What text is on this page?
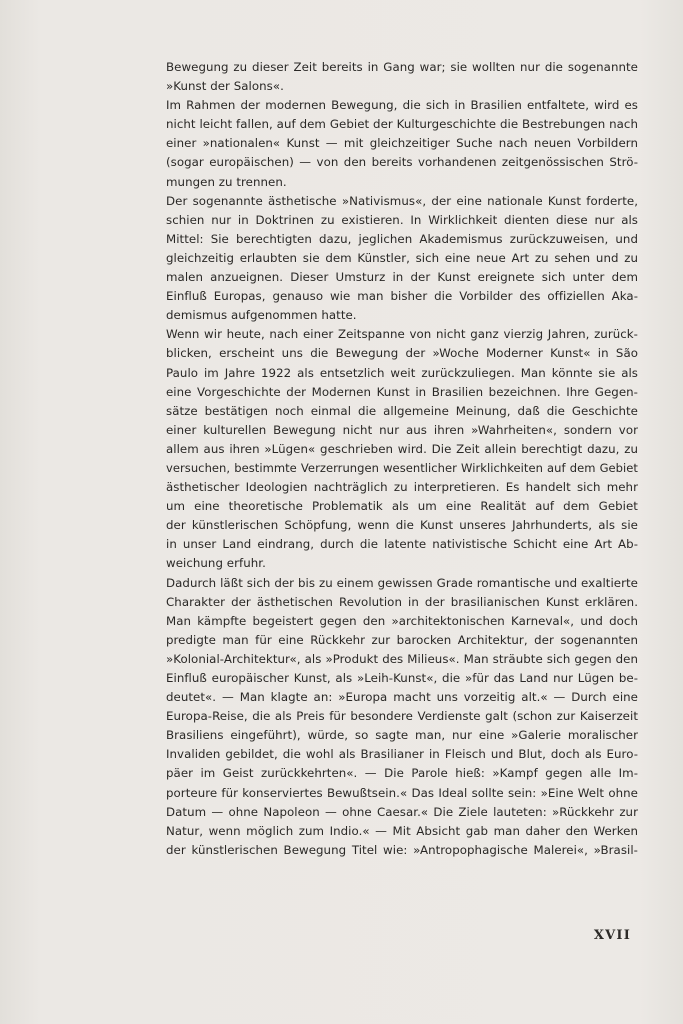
Bewegung zu dieser Zeit bereits in Gang war; sie wollten nur die sogenannte
»Kunst der Salons«.
Im Rahmen der modernen Bewegung, die sich in Brasilien entfaltete, wird es
nicht leicht fallen, auf dem Gebiet der Kulturgeschichte die Bestrebungen nach
einer »nationalen« Kunst — mit gleichzeitiger Suche nach neuen Vorbildern
(sogar europäischen) — von den bereits vorhandenen zeitgenössischen Strö-
mungen zu trennen.
Der sogenannte ästhetische »Nativismus«, der eine nationale Kunst forderte,
schien nur in Doktrinen zu existieren. In Wirklichkeit dienten diese nur als
Mittel: Sie berechtigten dazu, jeglichen Akademismus zurückzuweisen, und
gleichzeitig erlaubten sie dem Künstler, sich eine neue Art zu sehen und zu
malen anzueignen. Dieser Umsturz in der Kunst ereignete sich unter dem
Einfluß Europas, genauso wie man bisher die Vorbilder des offiziellen Aka-
demismus aufgenommen hatte.
Wenn wir heute, nach einer Zeitspanne von nicht ganz vierzig Jahren, zurück-
blicken, erscheint uns die Bewegung der »Woche Moderner Kunst« in São
Paulo im Jahre 1922 als entsetzlich weit zurückzuliegen. Man könnte sie als
eine Vorgeschichte der Modernen Kunst in Brasilien bezeichnen. Ihre Gegen-
sätze bestätigen noch einmal die allgemeine Meinung, daß die Geschichte
einer kulturellen Bewegung nicht nur aus ihren »Wahrheiten«, sondern vor
allem aus ihren »Lügen« geschrieben wird. Die Zeit allein berechtigt dazu, zu
versuchen, bestimmte Verzerrungen wesentlicher Wirklichkeiten auf dem Gebiet
ästhetischer Ideologien nachträglich zu interpretieren. Es handelt sich mehr
um eine theoretische Problematik als um eine Realität auf dem Gebiet
der künstlerischen Schöpfung, wenn die Kunst unseres Jahrhunderts, als sie
in unser Land eindrang, durch die latente nativistische Schicht eine Art Ab-
weichung erfuhr.
Dadurch läßt sich der bis zu einem gewissen Grade romantische und exaltierte
Charakter der ästhetischen Revolution in der brasilianischen Kunst erklären.
Man kämpfte begeistert gegen den »architektonischen Karneval«, und doch
predigte man für eine Rückkehr zur barocken Architektur, der sogenannten
»Kolonial-Architektur«, als »Produkt des Milieus«. Man sträubte sich gegen den
Einfluß europäischer Kunst, als »Leih-Kunst«, die »für das Land nur Lügen be-
deutet«. — Man klagte an: »Europa macht uns vorzeitig alt.« — Durch eine
Europa-Reise, die als Preis für besondere Verdienste galt (schon zur Kaiserzeit
Brasiliens eingeführt), würde, so sagte man, nur eine »Galerie moralischer
Invaliden gebildet, die wohl als Brasilianer in Fleisch und Blut, doch als Euro-
päer im Geist zurückkehrten«. — Die Parole hieß: »Kampf gegen alle Im-
porteure für konserviertes Bewußtsein.« Das Ideal sollte sein: »Eine Welt ohne
Datum — ohne Napoleon — ohne Caesar.« Die Ziele lauteten: »Rückkehr zur
Natur, wenn möglich zum Indio.« — Mit Absicht gab man daher den Werken
der künstlerischen Bewegung Titel wie: »Antropophagische Malerei«, »Brasil-
XVII
